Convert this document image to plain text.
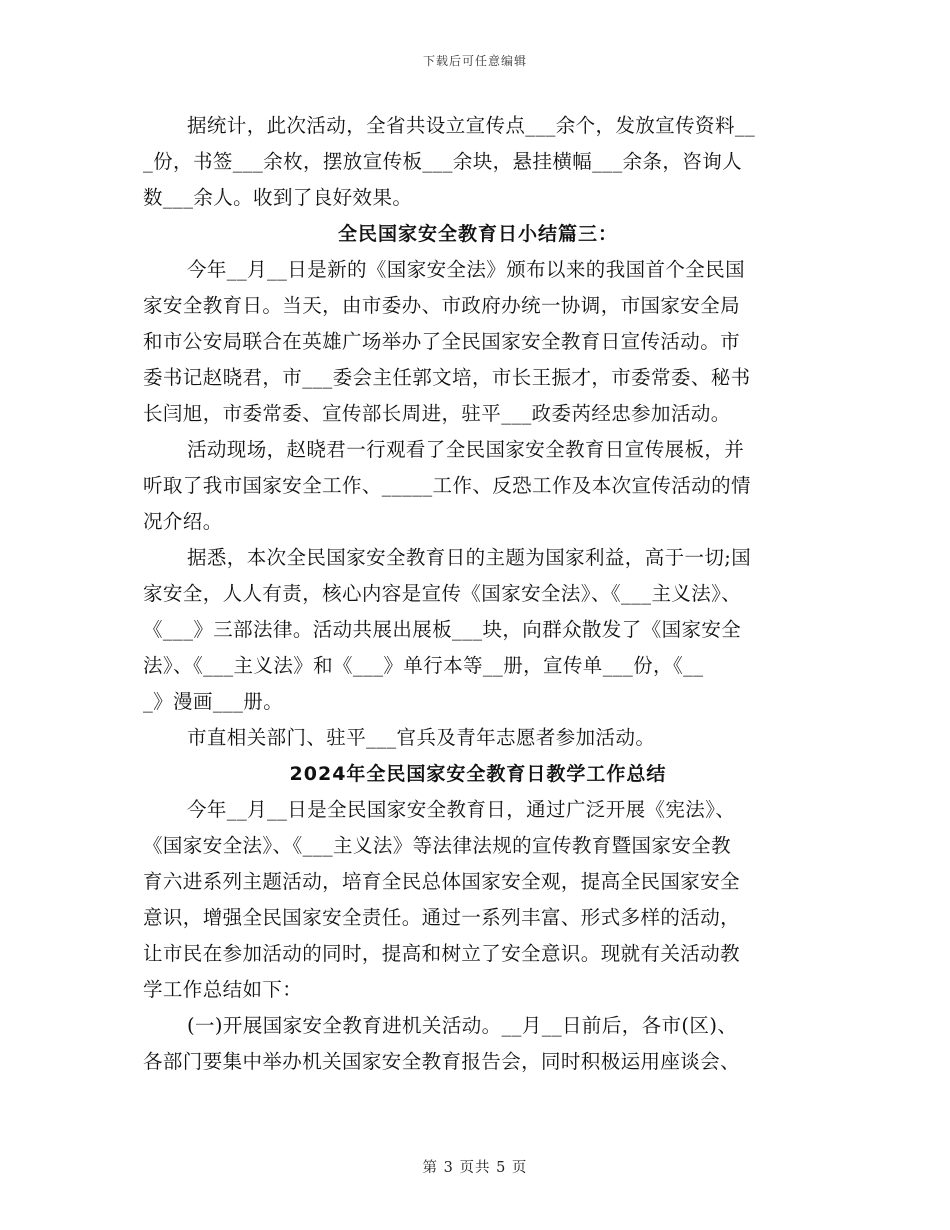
下载后可任意编辑
据统计，此次活动，全省共设立宣传点___余个，发放宣传资料__
_份，书签___余枚，摆放宣传板___余块，悬挂横幅___余条，咨询人
数___余人。收到了良好效果。
全民国家安全教育日小结篇三：
今年__月__日是新的《国家安全法》颁布以来的我国首个全民国
家安全教育日。当天，由市委办、市政府办统一协调，市国家安全局
和市公安局联合在英雄广场举办了全民国家安全教育日宣传活动。市
委书记赵晓君，市___委会主任郭文培，市长王振才，市委常委、秘书
长闫旭，市委常委、宣传部长周进，驻平___政委芮经忠参加活动。
活动现场，赵晓君一行观看了全民国家安全教育日宣传展板，并
听取了我市国家安全工作、_____工作、反恐工作及本次宣传活动的情
况介绍。
据悉，本次全民国家安全教育日的主题为国家利益，高于一切;国
家安全，人人有责，核心内容是宣传《国家安全法》、《___主义法》、
《___》三部法律。活动共展出展板___块，向群众散发了《国家安全
法》、《___主义法》和《___》单行本等__册，宣传单___份，《__
_》漫画___册。
市直相关部门、驻平___官兵及青年志愿者参加活动。
2024年全民国家安全教育日教学工作总结
今年__月__日是全民国家安全教育日，通过广泛开展《宪法》、
《国家安全法》、《___主义法》等法律法规的宣传教育暨国家安全教
育六进系列主题活动，培育全民总体国家安全观，提高全民国家安全
意识，增强全民国家安全责任。通过一系列丰富、形式多样的活动，
让市民在参加活动的同时，提高和树立了安全意识。现就有关活动教
学工作总结如下：
(一)开展国家安全教育进机关活动。__月__日前后，各市(区)、
各部门要集中举办机关国家安全教育报告会，同时积极运用座谈会、
第 3 页共 5 页
